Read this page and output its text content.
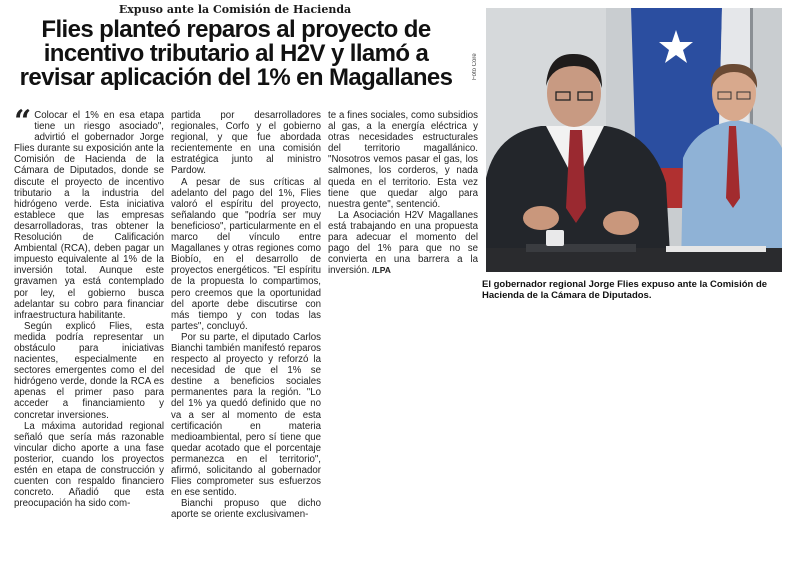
Expuso ante la Comisión de Hacienda
Flies planteó reparos al proyecto de incentivo tributario al H2V y llamó a revisar aplicación del 1% en Magallanes

“ Colocar el 1% en esa etapa tiene un riesgo asociado", advirtió el gobernador Jorge Flies durante su exposición ante la Comisión de Hacienda de la Cámara de Diputados, donde se discute el proyecto de incentivo tributario a la industria del hidrógeno verde. Esta iniciativa establece que las empresas desarrolladoras, tras obtener la Resolución de Calificación Ambiental (RCA), deben pagar un impuesto equivalente al 1% de la inversión total. Aunque este gravamen ya está contemplado por ley, el gobierno busca adelantar su cobro para financiar infraestructura habilitante.

Según explicó Flies, esta medida podría representar un obstáculo para iniciativas nacientes, especialmente en sectores emergentes como el del hidrógeno verde, donde la RCA es apenas el primer paso para acceder a financiamiento y concretar inversiones.

La máxima autoridad regional señaló que sería más razonable vincular dicho aporte a una fase posterior, cuando los proyectos estén en etapa de construcción y cuenten con respaldo financiero concreto. Añadió que esta preocupación ha sido com-

partida por desarrolladores regionales, Corfo y el gobierno regional, y que fue abordada recientemente en una comisión estratégica junto al ministro Pardow.

A pesar de sus críticas al adelanto del pago del 1%, Flies valoró el espíritu del proyecto, señalando que "podría ser muy beneficioso", particularmente en el marco del vínculo entre Magallanes y otras regiones como Biobío, en el desarrollo de proyectos energéticos. "El espíritu de la propuesta lo compartimos, pero creemos que la oportunidad del aporte debe discutirse con más tiempo y con todas las partes", concluyó.

Por su parte, el diputado Carlos Bianchi también manifestó reparos respecto al proyecto y reforzó la necesidad de que el 1% se destine a beneficios sociales permanentes para la región. "Lo del 1% ya quedó definido que no va a ser al momento de esta certificación en materia medioambiental, pero sí tiene que quedar acotado que el porcentaje permanezca en el territorio", afirmó, solicitando al gobernador Flies comprometer sus esfuerzos en ese sentido.

Bianchi propuso que dicho aporte se oriente exclusivamen-

te a fines sociales, como subsidios al gas, a la energía eléctrica y otras necesidades estructurales del territorio magallánico. "Nosotros vemos pasar el gas, los salmones, los corderos, y nada queda en el territorio. Esta vez tiene que quedar algo para nuestra gente", sentenció.

La Asociación H2V Magallanes está trabajando en una propuesta para adecuar el momento del pago del 1% para que no se convierta en una barrera a la inversión. /LPA

Foto Core
El gobernador regional Jorge Flies expuso ante la Comisión de Hacienda de la Cámara de Diputados.
